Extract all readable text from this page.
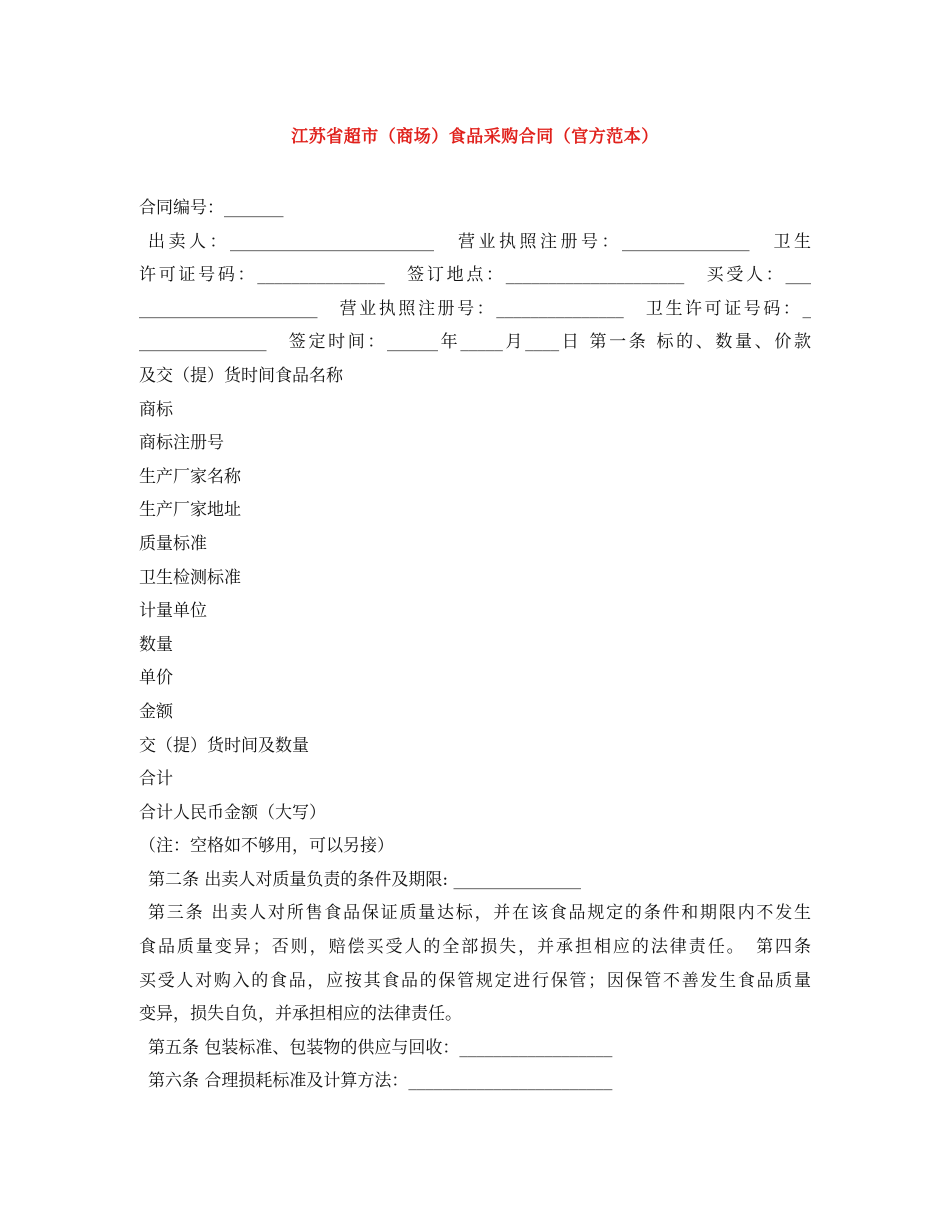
江苏省超市（商场）食品采购合同（官方范本）
合同编号：_______
出卖人：________________________　营业执照注册号：_______________　卫生
许可证号码：_______________　签订地点：_____________________　买受人：___
_____________________　营业执照注册号：_______________　卫生许可证号码：_
_______________　签定时间：______年_____月____日 第一条 标的、数量、价款
及交（提）货时间食品名称
商标
商标注册号
生产厂家名称
生产厂家地址
质量标准
卫生检测标准
计量单位
数量
单价
金额
交（提）货时间及数量
合计
合计人民币金额（大写）
（注：空格如不够用，可以另接）
第二条 出卖人对质量负责的条件及期限: _______________
第三条 出卖人对所售食品保证质量达标，并在该食品规定的条件和期限内不发生
食品质量变异；否则，赔偿买受人的全部损失，并承担相应的法律责任。　第四条
买受人对购入的食品，应按其食品的保管规定进行保管；因保管不善发生食品质量
变异，损失自负，并承担相应的法律责任。
第五条 包装标准、包装物的供应与回收：__________________
第六条 合理损耗标准及计算方法：________________________
